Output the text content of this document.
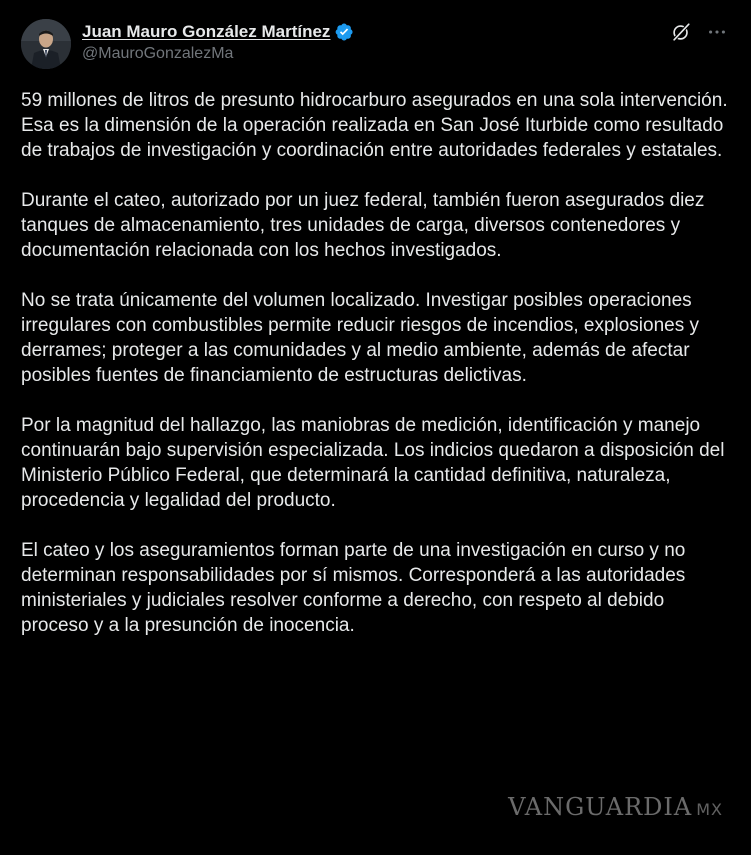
Juan Mauro González Martínez
@MauroGonzalezMa

59 millones de litros de presunto hidrocarburo asegurados en una sola intervención. Esa es la dimensión de la operación realizada en San José Iturbide como resultado de trabajos de investigación y coordinación entre autoridades federales y estatales.

Durante el cateo, autorizado por un juez federal, también fueron asegurados diez tanques de almacenamiento, tres unidades de carga, diversos contenedores y documentación relacionada con los hechos investigados.

No se trata únicamente del volumen localizado. Investigar posibles operaciones irregulares con combustibles permite reducir riesgos de incendios, explosiones y derrames; proteger a las comunidades y al medio ambiente, además de afectar posibles fuentes de financiamiento de estructuras delictivas.

Por la magnitud del hallazgo, las maniobras de medición, identificación y manejo continuarán bajo supervisión especializada. Los indicios quedaron a disposición del Ministerio Público Federal, que determinará la cantidad definitiva, naturaleza, procedencia y legalidad del producto.

El cateo y los aseguramientos forman parte de una investigación en curso y no determinan responsabilidades por sí mismos. Corresponderá a las autoridades ministeriales y judiciales resolver conforme a derecho, con respeto al debido proceso y a la presunción de inocencia.

VANGUARDIA MX
